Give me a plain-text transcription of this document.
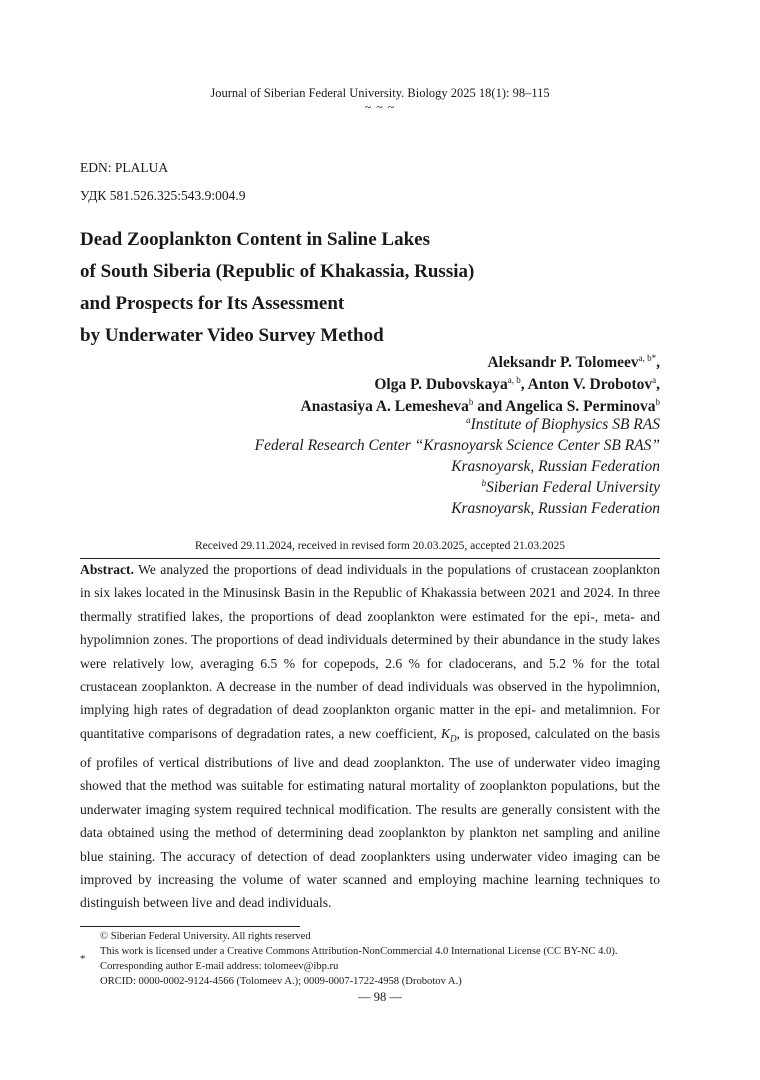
Journal of Siberian Federal University. Biology 2025 18(1): 98–115
~ ~ ~
EDN: PLALUA
УДК 581.526.325:543.9:004.9
Dead Zooplankton Content in Saline Lakes
of South Siberia (Republic of Khakassia, Russia)
and Prospects for Its Assessment
by Underwater Video Survey Method
Aleksandr P. Tolomeev$^{a, b*}$,
Olga P. Dubovskaya$^{a, b}$, Anton V. Drobotov$^a$,
Anastasiya A. Lemesheva$^b$ and Angelica S. Perminova$^b$
$^a$Institute of Biophysics SB RAS
Federal Research Center “Krasnoyarsk Science Center SB RAS”
Krasnoyarsk, Russian Federation
$^b$Siberian Federal University
Krasnoyarsk, Russian Federation
Received 29.11.2024, received in revised form 20.03.2025, accepted 21.03.2025
Abstract. We analyzed the proportions of dead individuals in the populations of crustacean zooplankton in six lakes located in the Minusinsk Basin in the Republic of Khakassia between 2021 and 2024. In three thermally stratified lakes, the proportions of dead zooplankton were estimated for the epi-, meta- and hypolimnion zones. The proportions of dead individuals determined by their abundance in the study lakes were relatively low, averaging 6.5 % for copepods, 2.6 % for cladocerans, and 5.2 % for the total crustacean zooplankton. A decrease in the number of dead individuals was observed in the hypolimnion, implying high rates of degradation of dead zooplankton organic matter in the epi- and metalimnion. For quantitative comparisons of degradation rates, a new coefficient, $K_D$, is proposed, calculated on the basis of profiles of vertical distributions of live and dead zooplankton. The use of underwater video imaging showed that the method was suitable for estimating natural mortality of zooplankton populations, but the underwater imaging system required technical modification. The results are generally consistent with the data obtained using the method of determining dead zooplankton by plankton net sampling and aniline blue staining. The accuracy of detection of dead zooplankters using underwater video imaging can be improved by increasing the volume of water scanned and employing machine learning techniques to distinguish between live and dead individuals.
© Siberian Federal University. All rights reserved
This work is licensed under a Creative Commons Attribution-NonCommercial 4.0 International License (CC BY-NC 4.0).
*
Corresponding author E-mail address: tolomeev@ibp.ru
ORCID: 0000-0002-9124-4566 (Tolomeev A.); 0009-0007-1722-4958 (Drobotov A.)
— 98 —
